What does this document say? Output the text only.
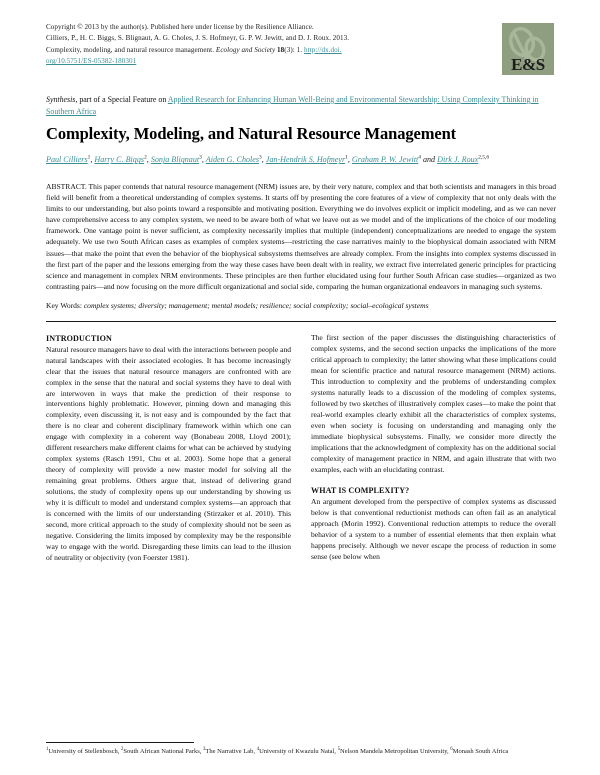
Copyright © 2013 by the author(s). Published here under license by the Resilience Alliance.
Cilliers, P., H. C. Biggs, S. Blignaut, A. G. Choles, J. S. Hofmeyr, G. P. W. Jewitt, and D. J. Roux. 2013.
Complexity, modeling, and natural resource management. Ecology and Society 18(3): 1. http://dx.doi.
org/10.5751/ES-05382-180301	E&S
Synthesis, part of a Special Feature on Applied Research for Enhancing Human Well-Being and Environmental Stewardship: Using Complexity Thinking in Southern Africa
Complexity, Modeling, and Natural Resource Management
Paul Cilliers$^1$, Harry C. Biggs$^2$, Sonja Blignaut$^3$, Aiden G. Choles$^3$, Jan-Hendrik S. Hofmeyr$^1$, Graham P. W. Jewitt$^4$ and Dirk J. Roux$^{2,5,6}$
ABSTRACT. This paper contends that natural resource management (NRM) issues are, by their very nature, complex and that both scientists and managers in this broad field will benefit from a theoretical understanding of complex systems. It starts off by presenting the core features of a view of complexity that not only deals with the limits to our understanding, but also points toward a responsible and motivating position. Everything we do involves explicit or implicit modeling, and as we can never have comprehensive access to any complex system, we need to be aware both of what we leave out as we model and of the implications of the choice of our modeling framework. One vantage point is never sufficient, as complexity necessarily implies that multiple (independent) conceptualizations are needed to engage the system adequately. We use two South African cases as examples of complex systems—restricting the case narratives mainly to the biophysical domain associated with NRM issues—that make the point that even the behavior of the biophysical subsystems themselves are already complex. From the insights into complex systems discussed in the first part of the paper and the lessons emerging from the way these cases have been dealt with in reality, we extract five interrelated generic principles for practicing science and management in complex NRM environments. These principles are then further elucidated using four further South African case studies—organized as two contrasting pairs—and now focusing on the more difficult organizational and social side, comparing the human organizational endeavors in managing such systems.
Key Words: complex systems; diversity; management; mental models; resilience; social complexity; social–ecological systems
INTRODUCTION

Natural resource managers have to deal with the interactions between people and natural landscapes with their associated ecologies. It has become increasingly clear that the issues that natural resource managers are confronted with are complex in the sense that the natural and social systems they have to deal with are interwoven in ways that make the prediction of their response to interventions highly problematic. However, pinning down and managing this complexity, even discussing it, is not easy and is compounded by the fact that there is no clear and coherent disciplinary framework within which one can engage with complexity in a coherent way (Bonabeau 2008, Lloyd 2001); different researchers make different claims for what can be achieved by studying complex systems (Rasch 1991, Chu et al. 2003). Some hope that a general theory of complexity will provide a new master model for solving all the remaining great problems. Others argue that, instead of delivering grand solutions, the study of complexity opens up our understanding by showing us why it is difficult to model and understand complex systems—an approach that is concerned with the limits of our understanding (Stirzaker et al. 2010). This second, more critical approach to the study of complexity should not be seen as negative. Considering the limits imposed by complexity may be the responsible way to engage with the world. Disregarding these limits can lead to the illusion of neutrality or objectivity (von Foerster 1981).

The first section of the paper discusses the distinguishing characteristics of complex systems, and the second section unpacks the implications of the more critical approach to complexity; the latter showing what these implications could mean for scientific practice and natural resource management (NRM) actions. This introduction to complexity and the problems of understanding complex systems naturally leads to a discussion of the modeling of complex systems, followed by two sketches of illustratively complex cases—to make the point that real-world examples clearly exhibit all the characteristics of complex systems, even when society is focusing on understanding and managing only the immediate biophysical subsystems. Finally, we consider more directly the implications that the acknowledgment of complexity has on the additional social complexity of management practice in NRM, and again illustrate that with two examples, each with an elucidating contrast.

WHAT IS COMPLEXITY?

An argument developed from the perspective of complex systems as discussed below is that conventional reductionist methods can often fail as an analytical approach (Morin 1992). Conventional reduction attempts to reduce the overall behavior of a system to a number of essential elements that then explain what happens precisely. Although we never escape the process of reduction in some sense (see below when

$^1$University of Stellenbosch, $^2$South African National Parks, $^3$The Narrative Lab, $^4$University of Kwazulu Natal, $^5$Nelson Mandela Metropolitan University, $^6$Monash South Africa
